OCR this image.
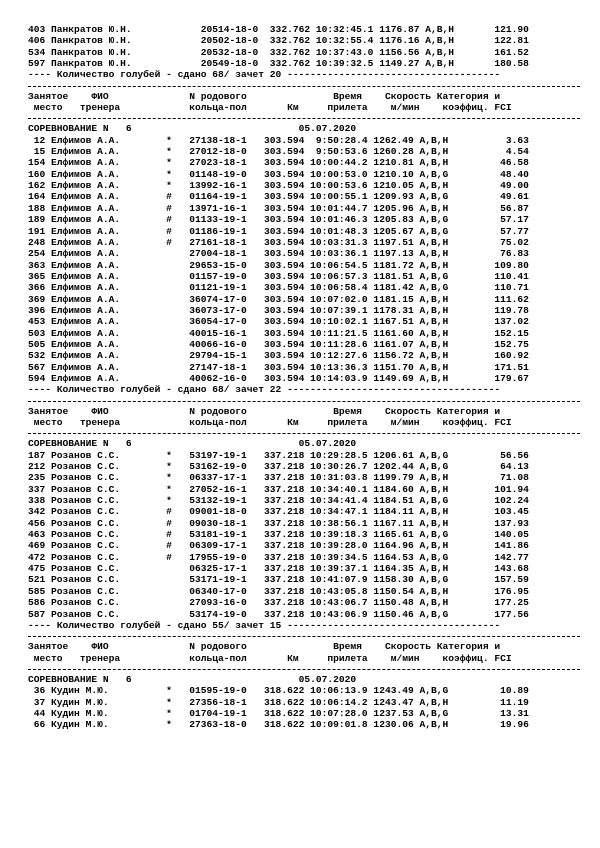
403 Панкратов Ю.Н.            20514-18-0  332.762 10:32:45.1 1176.87 A,B,H       121.90
406 Панкратов Ю.Н.            20502-18-0  332.762 10:32:55.4 1176.16 A,B,H       122.81
534 Панкратов Ю.Н.            20532-18-0  332.762 10:37:43.0 1156.56 A,B,H       161.52
597 Панкратов Ю.Н.            20549-18-0  332.762 10:39:32.5 1149.27 A,B,H       180.58
---- Количество голубей - сдано 68/ зачет 20 -------------------------------------
Занятое    ФИО              N родового               Время    Скорость Категория и
место   тренера            кольца-пол       Км     прилета    м/мин    коэффиц. FCI
СОРЕВНОВАНИЕ N   6	05.07.2020
12 Елфимов А.А.        *   27138-18-1   303.594  9:50:28.4 1262.49 A,B,H          3.63
15 Елфимов А.А.        *   27012-18-0   303.594  9:50:53.6 1260.28 A,B,H          4.54
154 Елфимов А.А.        *   27023-18-1   303.594 10:00:44.2 1210.81 A,B,H         46.58
160 Елфимов А.А.        *   01148-19-0   303.594 10:00:53.0 1210.10 A,B,G         48.40
162 Елфимов А.А.        *   13992-16-1   303.594 10:00:53.6 1210.05 A,B,H         49.00
164 Елфимов А.А.        #   01164-19-1   303.594 10:00:55.1 1209.93 A,B,G         49.61
188 Елфимов А.А.        #   13971-16-1   303.594 10:01:44.7 1205.96 A,B,H         56.87
189 Елфимов А.А.        #   01133-19-1   303.594 10:01:46.3 1205.83 A,B,G         57.17
191 Елфимов А.А.        #   01186-19-1   303.594 10:01:48.3 1205.67 A,B,G         57.77
248 Елфимов А.А.        #   27161-18-1   303.594 10:03:31.3 1197.51 A,B,H         75.02
254 Елфимов А.А.            27004-18-1   303.594 10:03:36.1 1197.13 A,B,H         76.83
363 Елфимов А.А.            29653-15-0   303.594 10:06:54.5 1181.72 A,B,H        109.80
365 Елфимов А.А.            01157-19-0   303.594 10:06:57.3 1181.51 A,B,G        110.41
366 Елфимов А.А.            01121-19-1   303.594 10:06:58.4 1181.42 A,B,G        110.71
369 Елфимов А.А.            36074-17-0   303.594 10:07:02.0 1181.15 A,B,H        111.62
396 Елфимов А.А.            36073-17-0   303.594 10:07:39.1 1178.31 A,B,H        119.78
453 Елфимов А.А.            36054-17-0   303.594 10:10:02.1 1167.51 A,B,H        137.02
503 Елфимов А.А.            40015-16-1   303.594 10:11:21.5 1161.60 A,B,H        152.15
505 Елфимов А.А.            40066-16-0   303.594 10:11:28.6 1161.07 A,B,H        152.75
532 Елфимов А.А.            29794-15-1   303.594 10:12:27.6 1156.72 A,B,H        160.92
567 Елфимов А.А.            27147-18-1   303.594 10:13:36.3 1151.70 A,B,H        171.51
594 Елфимов А.А.            40062-16-0   303.594 10:14:03.9 1149.69 A,B,H        179.67
---- Количество голубей - сдано 68/ зачет 22 -------------------------------------
Занятое    ФИО              N родового               Время    Скорость Категория и
место   тренера            кольца-пол       Км     прилета    м/мин    коэффиц. FCI
СОРЕВНОВАНИЕ N   6	05.07.2020
187 Розанов С.С.        *   53197-19-1   337.218 10:29:28.5 1206.61 A,B,G         56.56
212 Розанов С.С.        *   53162-19-0   337.218 10:30:26.7 1202.44 A,B,G         64.13
235 Розанов С.С.        *   06337-17-1   337.218 10:31:03.8 1199.79 A,B,H         71.08
337 Розанов С.С.        *   27052-16-1   337.218 10:34:40.1 1184.60 A,B,H        101.94
338 Розанов С.С.        *   53132-19-1   337.218 10:34:41.4 1184.51 A,B,G        102.24
342 Розанов С.С.        #   09001-18-0   337.218 10:34:47.1 1184.11 A,B,H        103.45
456 Розанов С.С.        #   09030-18-1   337.218 10:38:56.1 1167.11 A,B,H        137.93
463 Розанов С.С.        #   53181-19-1   337.218 10:39:18.3 1165.61 A,B,G        140.05
469 Розанов С.С.        #   06309-17-1   337.218 10:39:28.0 1164.96 A,B,H        141.86
472 Розанов С.С.        #   17955-19-0   337.218 10:39:34.5 1164.53 A,B,G        142.77
475 Розанов С.С.            06325-17-1   337.218 10:39:37.1 1164.35 A,B,H        143.68
521 Розанов С.С.            53171-19-1   337.218 10:41:07.9 1158.30 A,B,G        157.59
585 Розанов С.С.            06340-17-0   337.218 10:43:05.8 1150.54 A,B,H        176.95
586 Розанов С.С.            27093-16-0   337.218 10:43:06.7 1150.48 A,B,H        177.25
587 Розанов С.С.            53174-19-0   337.218 10:43:06.9 1150.46 A,B,G        177.56
---- Количество голубей - сдано 55/ зачет 15 -------------------------------------
Занятое    ФИО              N родового               Время    Скорость Категория и
место   тренера            кольца-пол       Км     прилета    м/мин    коэффиц. FCI
СОРЕВНОВАНИЕ N   6	05.07.2020
36 Кудин М.Ю.          *   01595-19-0   318.622 10:06:13.9 1243.49 A,B,G         10.89
37 Кудин М.Ю.          *   27356-18-1   318.622 10:06:14.2 1243.47 A,B,H         11.19
44 Кудин М.Ю.          *   01704-19-1   318.622 10:07:28.0 1237.53 A,B,G         13.31
66 Кудин М.Ю.          *   27363-18-0   318.622 10:09:01.8 1230.06 A,B,H         19.96
